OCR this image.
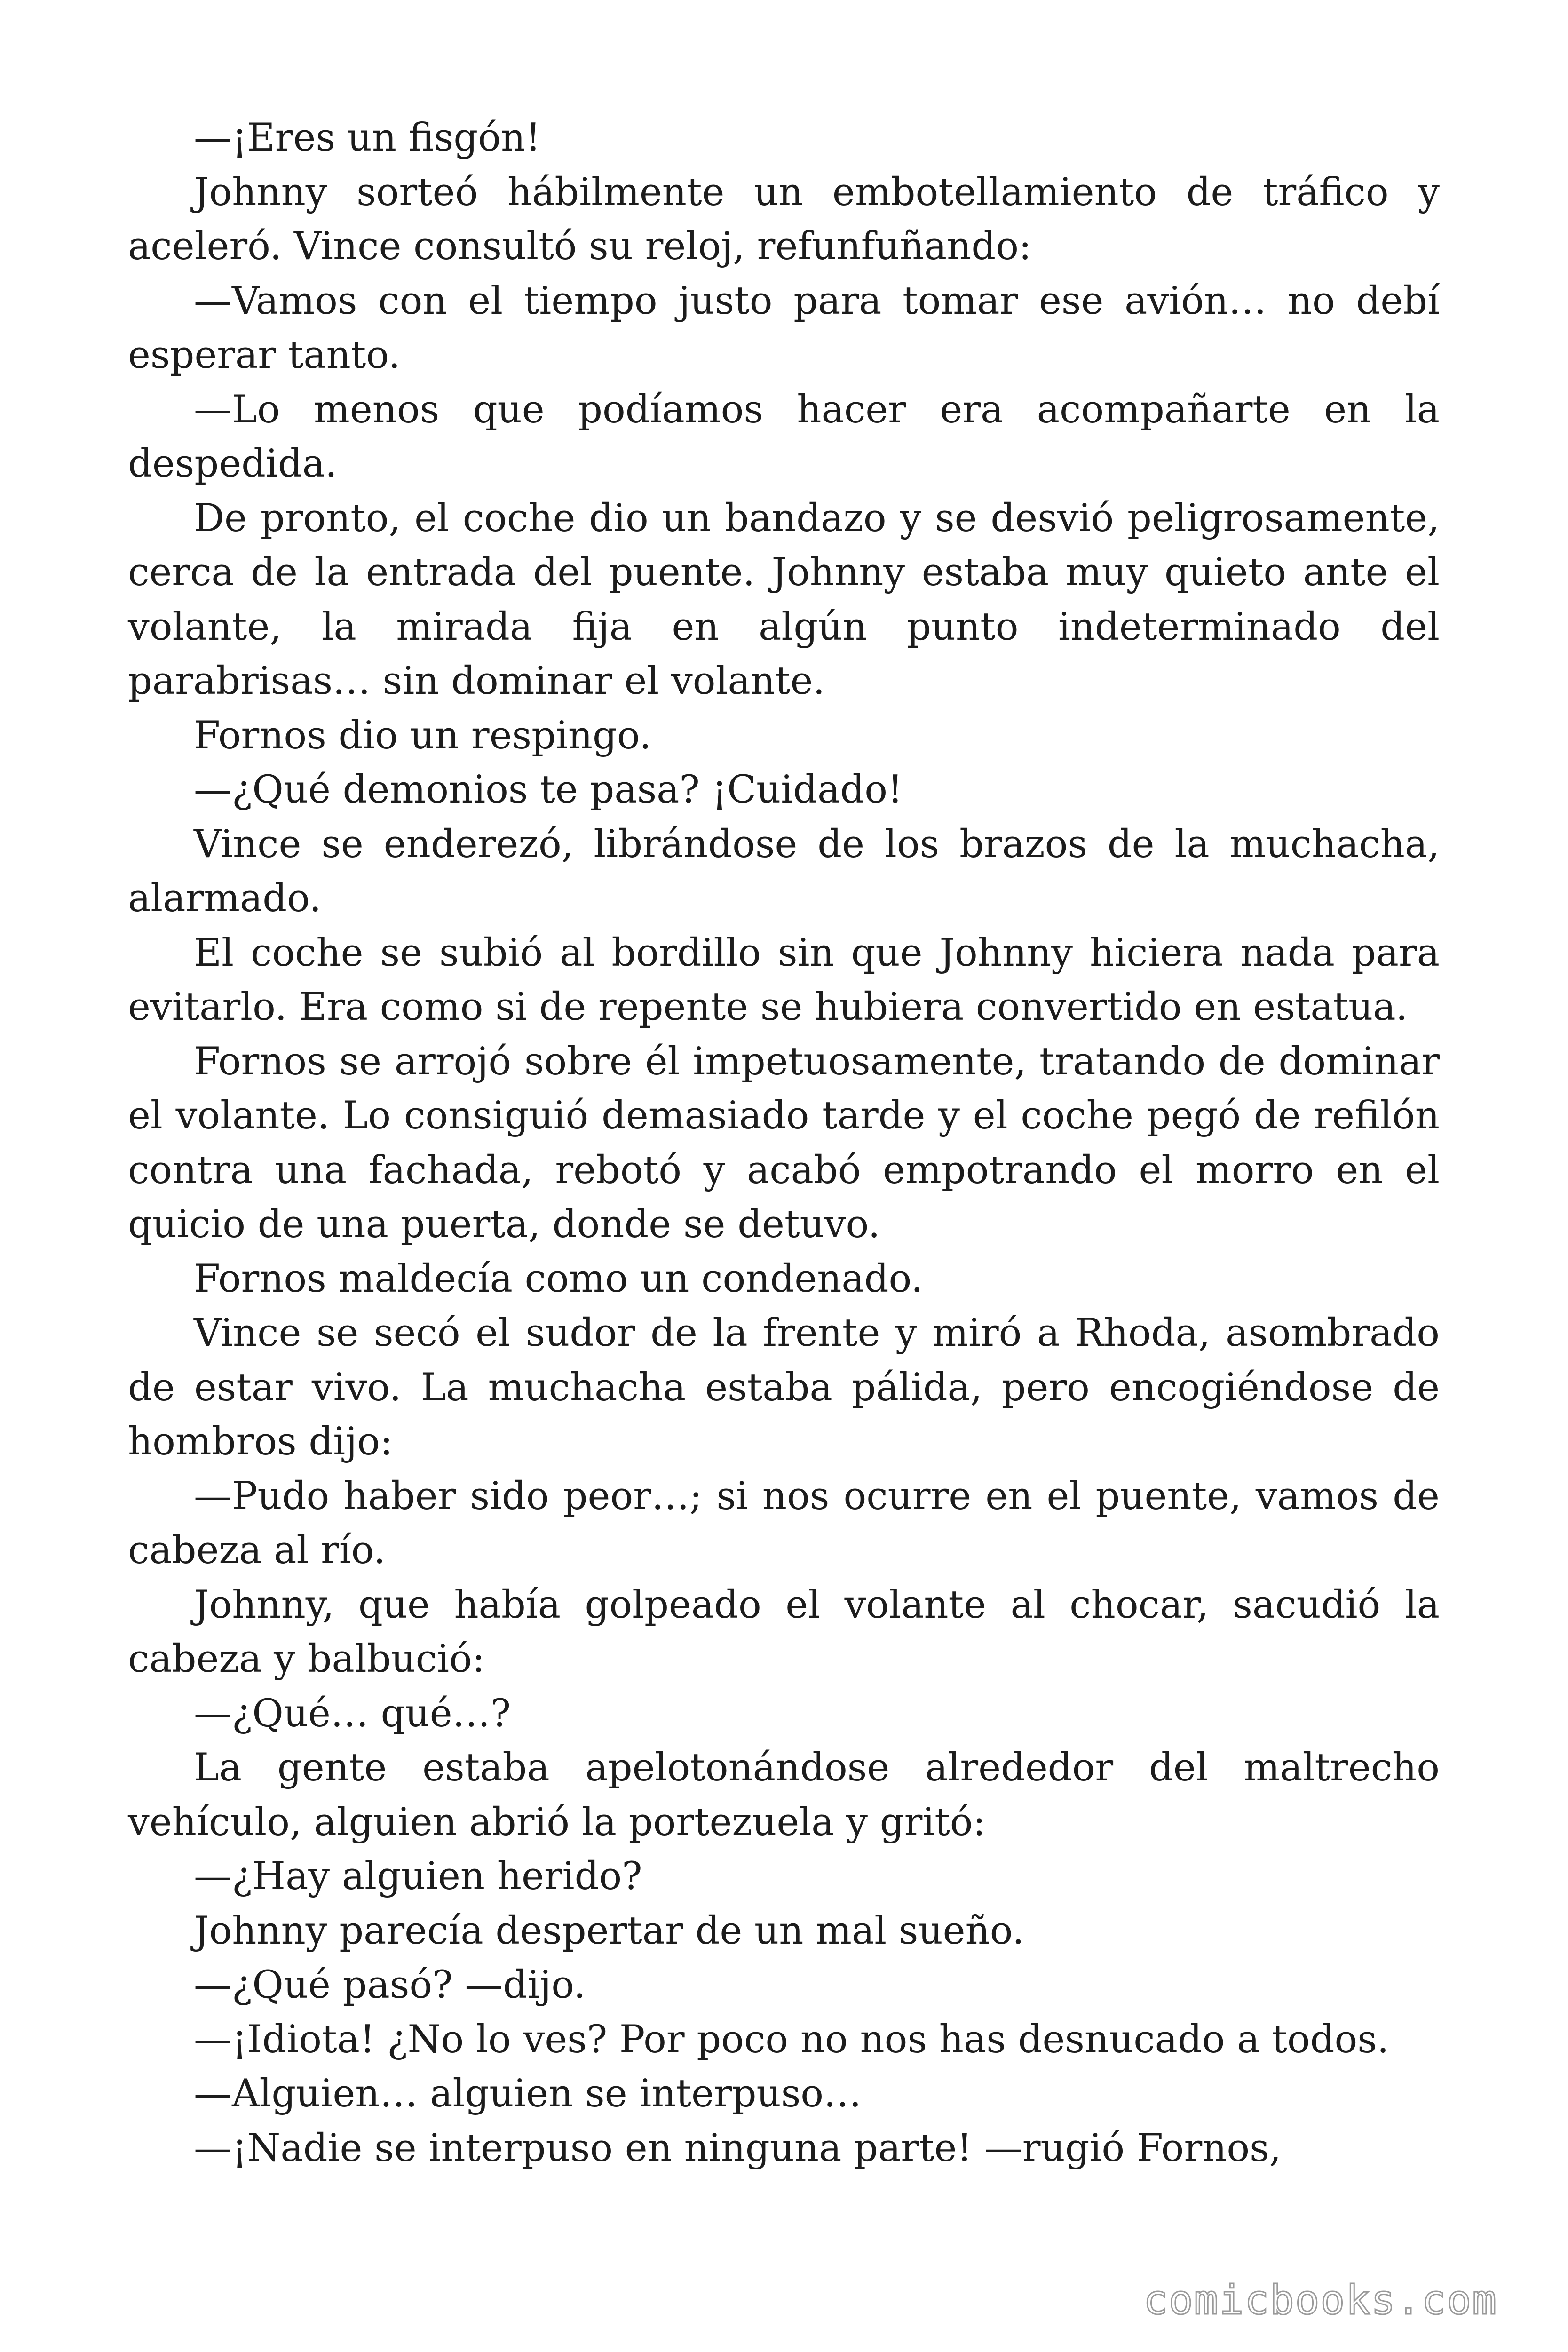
—¡Eres un fisgón!

Johnny sorteó hábilmente un embotellamiento de tráfico y aceleró. Vince consultó su reloj, refunfuñando:

—Vamos con el tiempo justo para tomar ese avión… no debí esperar tanto.

—Lo menos que podíamos hacer era acompañarte en la despedida.

De pronto, el coche dio un bandazo y se desvió peligrosamente, cerca de la entrada del puente. Johnny estaba muy quieto ante el volante, la mirada fija en algún punto indeterminado del parabrisas… sin dominar el volante.

Fornos dio un respingo.

—¿Qué demonios te pasa? ¡Cuidado!

Vince se enderezó, librándose de los brazos de la muchacha, alarmado.

El coche se subió al bordillo sin que Johnny hiciera nada para evitarlo. Era como si de repente se hubiera convertido en estatua.

Fornos se arrojó sobre él impetuosamente, tratando de dominar el volante. Lo consiguió demasiado tarde y el coche pegó de refilón contra una fachada, rebotó y acabó empotrando el morro en el quicio de una puerta, donde se detuvo.

Fornos maldecía como un condenado.

Vince se secó el sudor de la frente y miró a Rhoda, asombrado de estar vivo. La muchacha estaba pálida, pero encogiéndose de hombros dijo:

—Pudo haber sido peor…; si nos ocurre en el puente, vamos de cabeza al río.

Johnny, que había golpeado el volante al chocar, sacudió la cabeza y balbució:

—¿Qué… qué…?

La gente estaba apelotonándose alrededor del maltrecho vehículo, alguien abrió la portezuela y gritó:

—¿Hay alguien herido?

Johnny parecía despertar de un mal sueño.

—¿Qué pasó? —dijo.

—¡Idiota! ¿No lo ves? Por poco no nos has desnucado a todos.

—Alguien… alguien se interpuso…

—¡Nadie se interpuso en ninguna parte! —rugió Fornos,

comicbooks.com
